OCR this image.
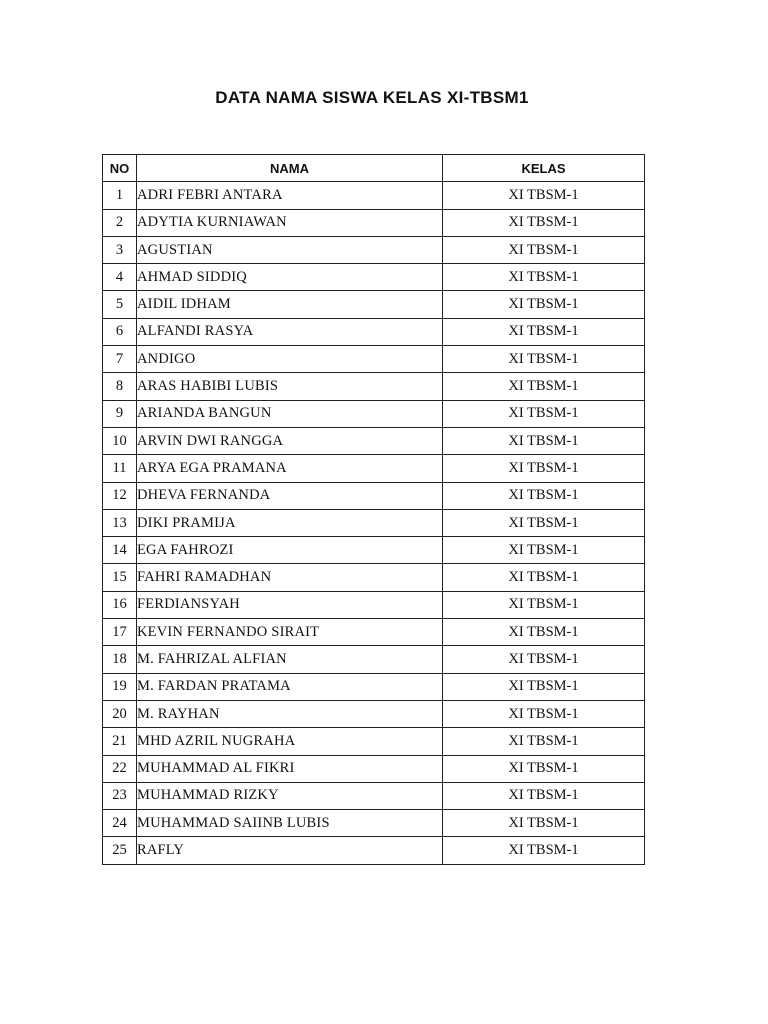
DATA NAMA SISWA KELAS XI-TBSM1
NO	NAMA	KELAS
1	ADRI FEBRI ANTARA	XI TBSM-1
2	ADYTIA KURNIAWAN	XI TBSM-1
3	AGUSTIAN	XI TBSM-1
4	AHMAD SIDDIQ	XI TBSM-1
5	AIDIL IDHAM	XI TBSM-1
6	ALFANDI RASYA	XI TBSM-1
7	ANDIGO	XI TBSM-1
8	ARAS HABIBI LUBIS	XI TBSM-1
9	ARIANDA BANGUN	XI TBSM-1
10	ARVIN DWI RANGGA	XI TBSM-1
11	ARYA EGA PRAMANA	XI TBSM-1
12	DHEVA FERNANDA	XI TBSM-1
13	DIKI PRAMIJA	XI TBSM-1
14	EGA FAHROZI	XI TBSM-1
15	FAHRI RAMADHAN	XI TBSM-1
16	FERDIANSYAH	XI TBSM-1
17	KEVIN FERNANDO SIRAIT	XI TBSM-1
18	M. FAHRIZAL ALFIAN	XI TBSM-1
19	M. FARDAN PRATAMA	XI TBSM-1
20	M. RAYHAN	XI TBSM-1
21	MHD AZRIL NUGRAHA	XI TBSM-1
22	MUHAMMAD AL FIKRI	XI TBSM-1
23	MUHAMMAD RIZKY	XI TBSM-1
24	MUHAMMAD SAIINB LUBIS	XI TBSM-1
25	RAFLY	XI TBSM-1
